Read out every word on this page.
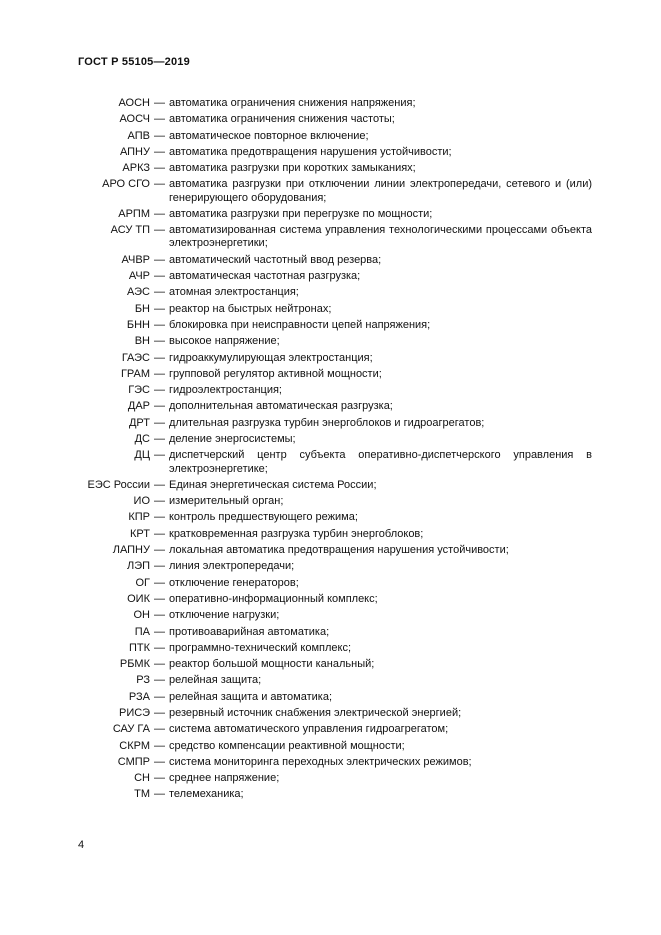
ГОСТ Р 55105—2019
АОСН — автоматика ограничения снижения напряжения;
АОСЧ — автоматика ограничения снижения частоты;
АПВ — автоматическое повторное включение;
АПНУ — автоматика предотвращения нарушения устойчивости;
АРКЗ — автоматика разгрузки при коротких замыканиях;
АРО СГО — автоматика разгрузки при отключении линии электропередачи, сетевого и (или) генерирующего оборудования;
АРПМ — автоматика разгрузки при перегрузке по мощности;
АСУ ТП — автоматизированная система управления технологическими процессами объекта электроэнергетики;
АЧВР — автоматический частотный ввод резерва;
АЧР — автоматическая частотная разгрузка;
АЭС — атомная электростанция;
БН — реактор на быстрых нейтронах;
БНН — блокировка при неисправности цепей напряжения;
ВН — высокое напряжение;
ГАЭС — гидроаккумулирующая электростанция;
ГРАМ — групповой регулятор активной мощности;
ГЭС — гидроэлектростанция;
ДАР — дополнительная автоматическая разгрузка;
ДРТ — длительная разгрузка турбин энергоблоков и гидроагрегатов;
ДС — деление энергосистемы;
ДЦ — диспетчерский центр субъекта оперативно-диспетчерского управления в электроэнергетике;
ЕЭС России — Единая энергетическая система России;
ИО — измерительный орган;
КПР — контроль предшествующего режима;
КРТ — кратковременная разгрузка турбин энергоблоков;
ЛАПНУ — локальная автоматика предотвращения нарушения устойчивости;
ЛЭП — линия электропередачи;
ОГ — отключение генераторов;
ОИК — оперативно-информационный комплекс;
ОН — отключение нагрузки;
ПА — противоаварийная автоматика;
ПТК — программно-технический комплекс;
РБМК — реактор большой мощности канальный;
РЗ — релейная защита;
РЗА — релейная защита и автоматика;
РИСЭ — резервный источник снабжения электрической энергией;
САУ ГА — система автоматического управления гидроагрегатом;
СКРМ — средство компенсации реактивной мощности;
СМПР — система мониторинга переходных электрических режимов;
СН — среднее напряжение;
ТМ — телемеханика;
4
